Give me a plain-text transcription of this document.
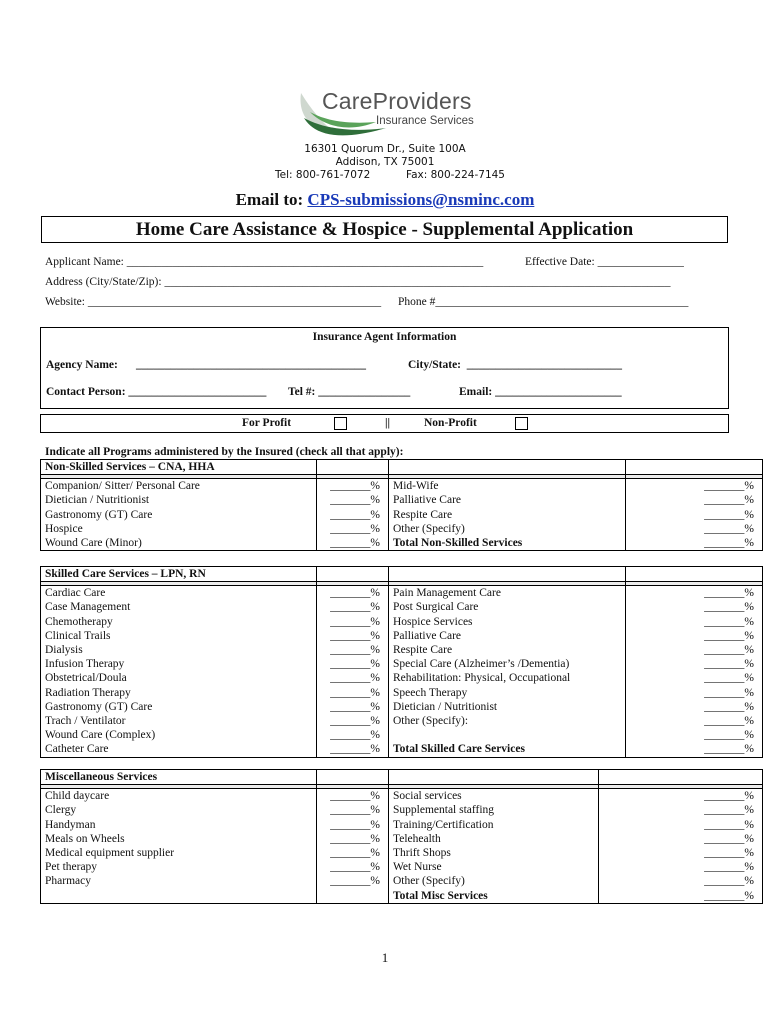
CareProviders
Insurance Services
16301 Quorum Dr., Suite 100A
Addison, TX 75001
Tel: 800-761-7072	Fax: 800-224-7145
Email to: CPS-submissions@nsminc.com
Home Care Assistance & Hospice - Supplemental Application
Applicant Name: ______________________________________________________________	Effective Date: _______________
Address (City/State/Zip): ________________________________________________________________________________________
Website: ___________________________________________________ Phone #____________________________________________
Insurance Agent Information
Agency Name: ________________________________________	City/State:  ___________________________
Contact Person: ________________________ Tel #: ________________	Email: ______________________
For Profit	||	Non-Profit
Indicate all Programs administered by the Insured (check all that apply):
Non-Skilled Services – CNA, HHA			

Companion/ Sitter/ Personal Care	_______%	Mid-Wife	_______%
Dietician / Nutritionist	_______%	Palliative Care	_______%
Gastronomy (GT) Care	_______%	Respite Care	_______%
Hospice	_______%	Other (Specify)	_______%
Wound Care (Minor)	_______%	Total Non-Skilled Services	_______%
Skilled Care Services – LPN, RN			

Cardiac Care	_______%	Pain Management Care	_______%
Case Management	_______%	Post Surgical Care	_______%
Chemotherapy	_______%	Hospice Services	_______%
Clinical Trails	_______%	Palliative Care	_______%
Dialysis	_______%	Respite Care	_______%
Infusion Therapy	_______%	Special Care (Alzheimer’s /Dementia)	_______%
Obstetrical/Doula	_______%	Rehabilitation: Physical, Occupational	_______%
Radiation Therapy	_______%	Speech Therapy	_______%
Gastronomy (GT) Care	_______%	Dietician / Nutritionist	_______%
Trach / Ventilator	_______%	Other (Specify):	_______%
Wound Care (Complex)	_______%		_______%
Catheter Care	_______%	Total Skilled Care Services	_______%
Miscellaneous Services			

Child daycare	_______%	Social services	_______%
Clergy	_______%	Supplemental staffing	_______%
Handyman	_______%	Training/Certification	_______%
Meals on Wheels	_______%	Telehealth	_______%
Medical equipment supplier	_______%	Thrift Shops	_______%
Pet therapy	_______%	Wet Nurse	_______%
Pharmacy	_______%	Other (Specify)	_______%
		Total Misc Services	_______%
1
